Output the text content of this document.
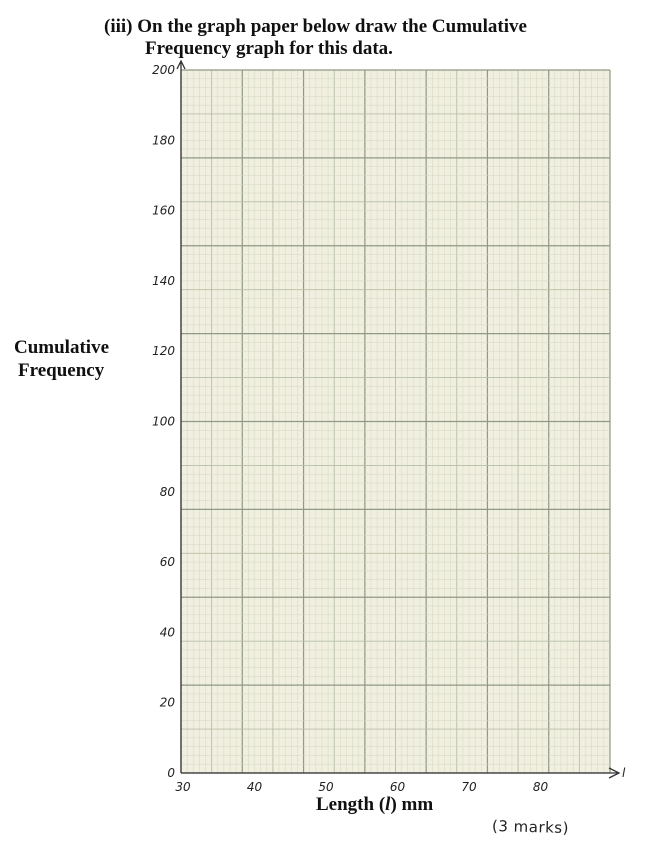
(iii) On the graph paper below draw the Cumulative
Frequency graph for this data.
Cumulative
Frequency
Length (l) mm
(3 marks)
0
20
40
60
80
100
120
140
160
180
200
30	40	50	60	70	80
l
